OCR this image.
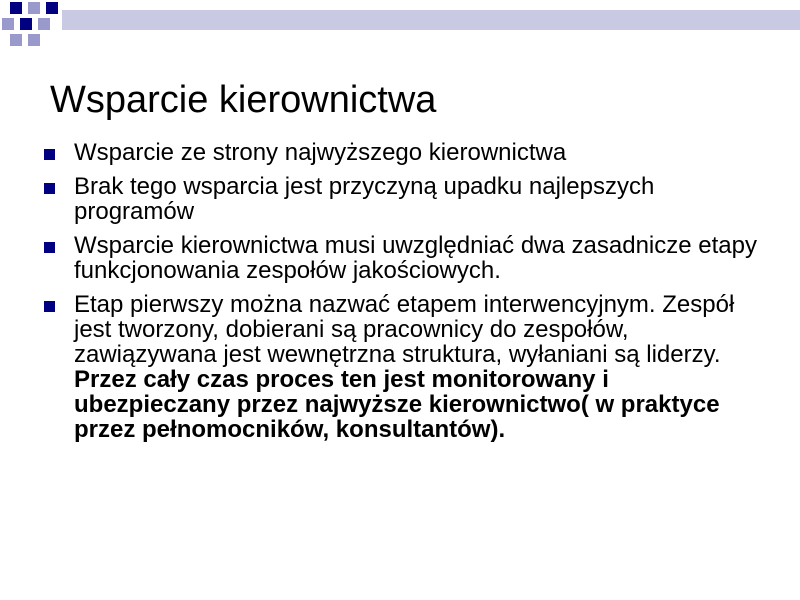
Wsparcie kierownictwa
Wsparcie ze strony najwyższego kierownictwa
Brak tego wsparcia jest przyczyną upadku najlepszych programów
Wsparcie kierownictwa musi uwzględniać dwa zasadnicze etapy funkcjonowania zespołów jakościowych.
Etap pierwszy można nazwać etapem interwencyjnym. Zespół jest tworzony, dobierani są pracownicy do zespołów, zawiązywana jest wewnętrzna struktura, wyłaniani są liderzy. Przez cały czas proces ten jest monitorowany i ubezpieczany przez najwyższe kierownictwo( w praktyce przez pełnomocników, konsultantów).
